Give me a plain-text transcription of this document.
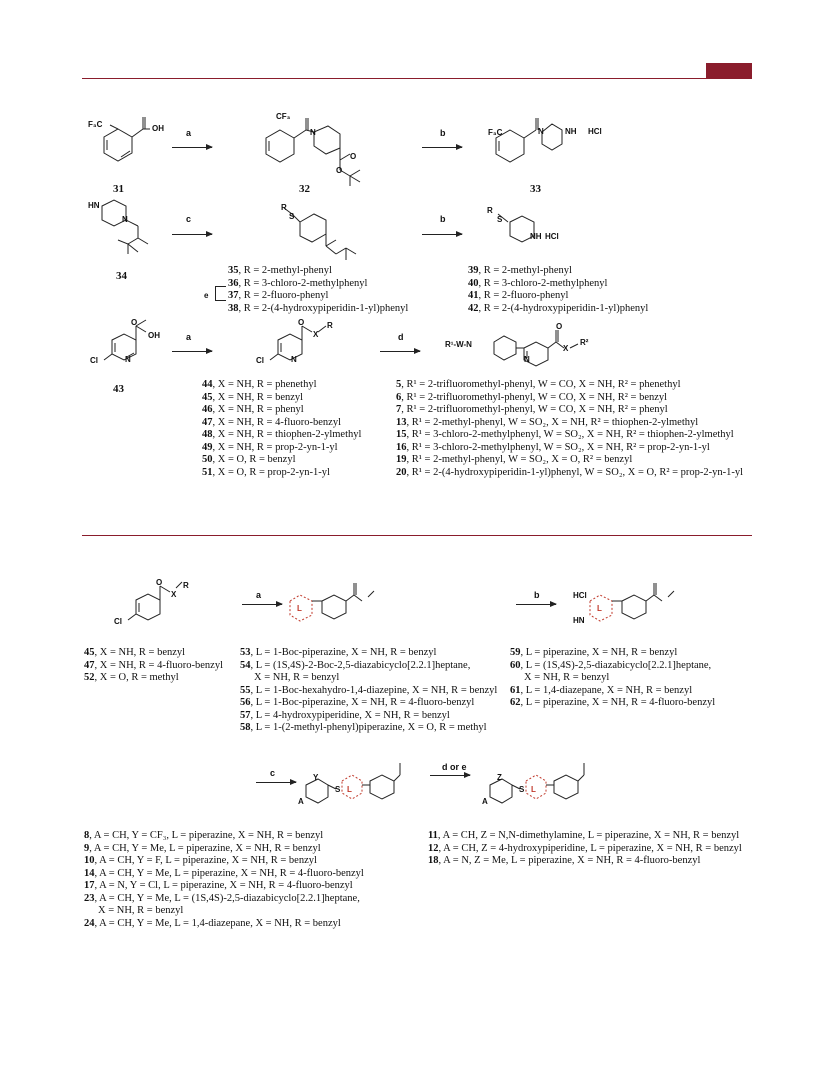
F₃C	OH
31
a
CF₃
N
O
O
32
b	F₃C	N	NH HCl
33
HN
N
34
c
R
S	b
R
S
NH HCl
35, R = 2-methyl-phenyl
36, R = 3-chloro-2-methylphenyl
37, R = 2-fluoro-phenyl
38, R = 2-(4-hydroxypiperidin-1-yl)phenyl
e
39, R = 2-methyl-phenyl
40, R = 3-chloro-2-methylphenyl
41, R = 2-fluoro-phenyl
42, R = 2-(4-hydroxypiperidin-1-yl)phenyl
Cl	N
OH
O
43
a
Cl	N
X
R
O
d
R¹-W-N
N
O
X
R²
44, X = NH, R = phenethyl
45, X = NH, R = benzyl
46, X = NH, R = phenyl
47, X = NH, R = 4-fluoro-benzyl
48, X = NH, R = thiophen-2-ylmethyl
49, X = NH, R = prop-2-yn-1-yl
50, X = O, R = benzyl
51, X = O, R = prop-2-yn-1-yl
5, R¹ = 2-trifluoromethyl-phenyl, W = CO, X = NH, R² = phenethyl
6, R¹ = 2-trifluoromethyl-phenyl, W = CO, X = NH, R² = benzyl
7, R¹ = 2-trifluoromethyl-phenyl, W = CO, X = NH, R² = phenyl
13, R¹ = 2-methyl-phenyl, W = SO₂, X = NH, R² = thiophen-2-ylmethyl
15, R¹ = 3-chloro-2-methylphenyl, W = SO₂, X = NH, R² = thiophen-2-ylmethyl
16, R¹ = 3-chloro-2-methylphenyl, W = SO₂, X = NH, R² = prop-2-yn-1-yl
19, R¹ = 2-methyl-phenyl, W = SO₂, X = O, R² = benzyl
20, R¹ = 2-(4-hydroxypiperidin-1-yl)phenyl, W = SO₂, X = O, R² = prop-2-yn-1-yl
Cl
X
R
O
a
L
b	HCl
HN
L
45, X = NH, R = benzyl
47, X = NH, R = 4-fluoro-benzyl
52, X = O, R = methyl
53, L = 1-Boc-piperazine, X = NH, R = benzyl
54, L = (1S,4S)-2-Boc-2,5-diazabicyclo[2.2.1]heptane,
X = NH, R = benzyl
55, L = 1-Boc-hexahydro-1,4-diazepine, X = NH, R = benzyl
56, L = 1-Boc-piperazine, X = NH, R = 4-fluoro-benzyl
57, L = 4-hydroxypiperidine, X = NH, R = benzyl
58, L = 1-(2-methyl-phenyl)piperazine, X = O, R = methyl
59, L = piperazine, X = NH, R = benzyl
60, L = (1S,4S)-2,5-diazabicyclo[2.2.1]heptane,
X = NH, R = benzyl
61, L = 1,4-diazepane, X = NH, R = benzyl
62, L = piperazine, X = NH, R = 4-fluoro-benzyl
c	Y
A
S L
d or e
Z
A
S L
8, A = CH, Y = CF₃, L = piperazine, X = NH, R = benzyl
9, A = CH, Y = Me, L = piperazine, X = NH, R = benzyl
10, A = CH, Y = F, L = piperazine, X = NH, R = benzyl
14, A = CH, Y = Me, L = piperazine, X = NH, R = 4-fluoro-benzyl
17, A = N, Y = Cl, L = piperazine, X = NH, R = 4-fluoro-benzyl
23, A = CH, Y = Me, L = (1S,4S)-2,5-diazabicyclo[2.2.1]heptane,
X = NH, R = benzyl
24, A = CH, Y = Me, L = 1,4-diazepane, X = NH, R = benzyl
11, A = CH, Z = N,N-dimethylamine, L = piperazine, X = NH, R = benzyl
12, A = CH, Z = 4-hydroxypiperidine, L = piperazine, X = NH, R = benzyl
18, A = N, Z = Me, L = piperazine, X = NH, R = 4-fluoro-benzyl
